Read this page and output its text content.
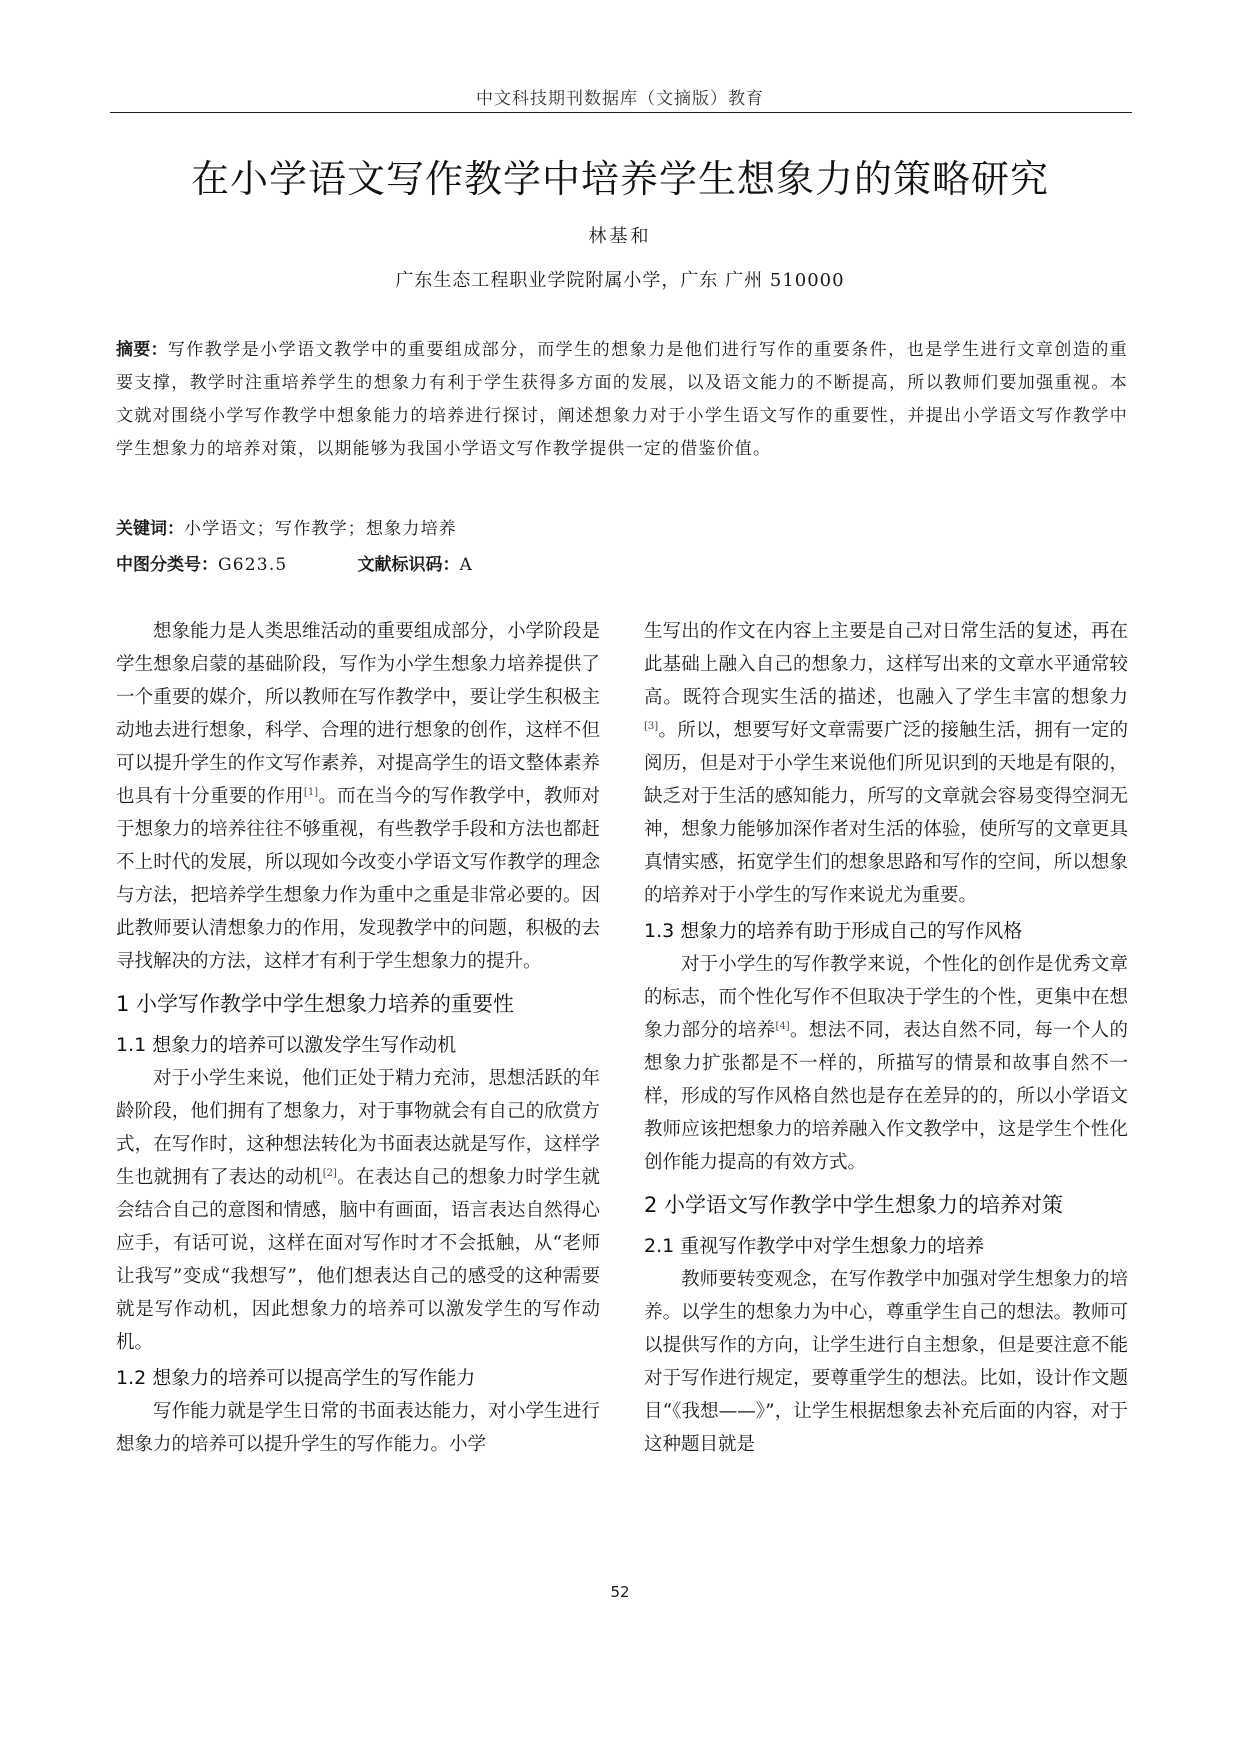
中文科技期刊数据库（文摘版）教育
在小学语文写作教学中培养学生想象力的策略研究
林基和
广东生态工程职业学院附属小学，广东 广州 510000
摘要：写作教学是小学语文教学中的重要组成部分，而学生的想象力是他们进行写作的重要条件，也是学生进行文章创造的重要支撑，教学时注重培养学生的想象力有利于学生获得多方面的发展，以及语文能力的不断提高，所以教师们要加强重视。本文就对围绕小学写作教学中想象能力的培养进行探讨，阐述想象力对于小学生语文写作的重要性，并提出小学语文写作教学中学生想象力的培养对策，以期能够为我国小学语文写作教学提供一定的借鉴价值。
关键词：小学语文；写作教学；想象力培养
中图分类号：G623.5	文献标识码：A

想象能力是人类思维活动的重要组成部分，小学阶段是学生想象启蒙的基础阶段，写作为小学生想象力培养提供了一个重要的媒介，所以教师在写作教学中，要让学生积极主动地去进行想象，科学、合理的进行想象的创作，这样不但可以提升学生的作文写作素养，对提高学生的语文整体素养也具有十分重要的作用[1]。而在当今的写作教学中，教师对于想象力的培养往往不够重视，有些教学手段和方法也都赶不上时代的发展，所以现如今改变小学语文写作教学的理念与方法，把培养学生想象力作为重中之重是非常必要的。因此教师要认清想象力的作用，发现教学中的问题，积极的去寻找解决的方法，这样才有利于学生想象力的提升。

1 小学写作教学中学生想象力培养的重要性
1.1 想象力的培养可以激发学生写作动机

对于小学生来说，他们正处于精力充沛，思想活跃的年龄阶段，他们拥有了想象力，对于事物就会有自己的欣赏方式，在写作时，这种想法转化为书面表达就是写作，这样学生也就拥有了表达的动机[2]。在表达自己的想象力时学生就会结合自己的意图和情感，脑中有画面，语言表达自然得心应手，有话可说，这样在面对写作时才不会抵触，从“老师让我写”变成“我想写”，他们想表达自己的感受的这种需要就是写作动机，因此想象力的培养可以激发学生的写作动机。

1.2 想象力的培养可以提高学生的写作能力

写作能力就是学生日常的书面表达能力，对小学生进行想象力的培养可以提升学生的写作能力。小学

生写出的作文在内容上主要是自己对日常生活的复述，再在此基础上融入自己的想象力，这样写出来的文章水平通常较高。既符合现实生活的描述，也融入了学生丰富的想象力[3]。所以，想要写好文章需要广泛的接触生活，拥有一定的阅历，但是对于小学生来说他们所见识到的天地是有限的，缺乏对于生活的感知能力，所写的文章就会容易变得空洞无神，想象力能够加深作者对生活的体验，使所写的文章更具真情实感，拓宽学生们的想象思路和写作的空间，所以想象的培养对于小学生的写作来说尤为重要。

1.3 想象力的培养有助于形成自己的写作风格

对于小学生的写作教学来说，个性化的创作是优秀文章的标志，而个性化写作不但取决于学生的个性，更集中在想象力部分的培养[4]。想法不同，表达自然不同，每一个人的想象力扩张都是不一样的，所描写的情景和故事自然不一样，形成的写作风格自然也是存在差异的的，所以小学语文教师应该把想象力的培养融入作文教学中，这是学生个性化创作能力提高的有效方式。

2 小学语文写作教学中学生想象力的培养对策
2.1 重视写作教学中对学生想象力的培养

教师要转变观念，在写作教学中加强对学生想象力的培养。以学生的想象力为中心，尊重学生自己的想法。教师可以提供写作的方向，让学生进行自主想象，但是要注意不能对于写作进行规定，要尊重学生的想法。比如，设计作文题目“《我想——》”，让学生根据想象去补充后面的内容，对于这种题目就是

52
